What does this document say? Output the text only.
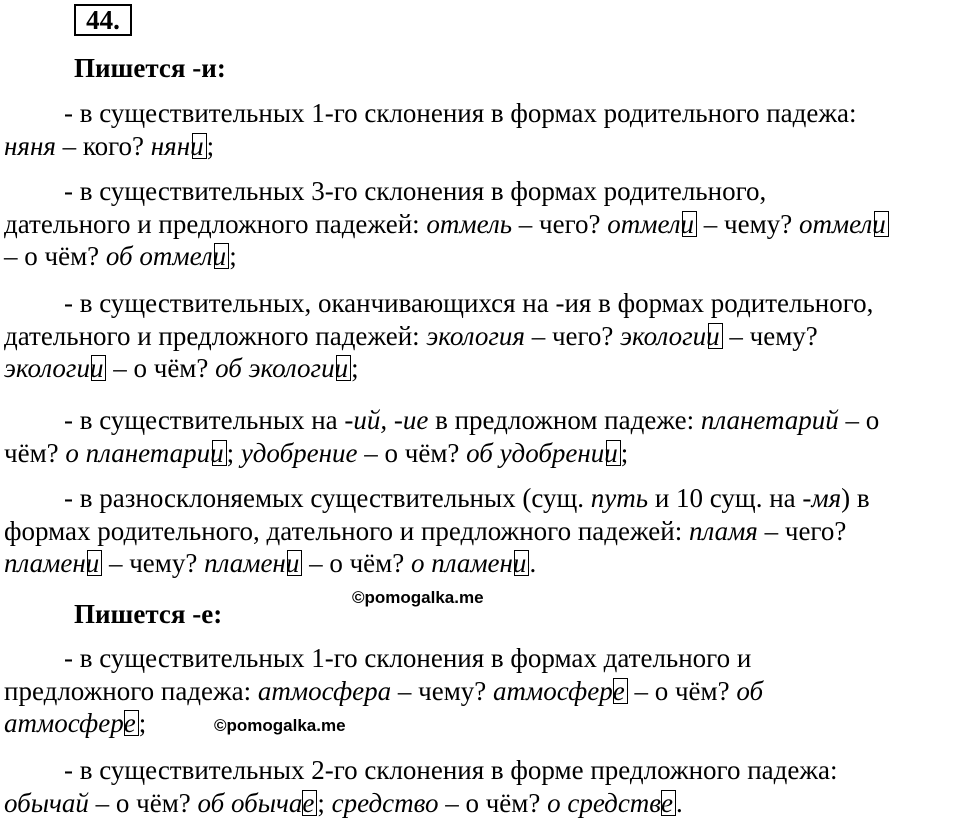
44.
Пишется -и:
- в существительных 1-го склонения в формах родительного падежа:
няня – кого? няни ;
- в существительных 3-го склонения в формах родительного,
дательного и предложного падежей: отмель – чего? отмели – чему? отмели
– о чём? об отмели ;
- в существительных, оканчивающихся на -ия в формах родительного,
дательного и предложного падежей: экология – чего? экологии – чему?
экологии – о чём? об экологии ;
- в существительных на -ий, -ие в предложном падеже: планетарий – о
чём? о планетарии ; удобрение – о чём? об удобрении ;
- в разносклоняемых существительных (сущ. путь и 10 сущ. на -мя) в
формах родительного, дательного и предложного падежей: пламя – чего?
пламени – чему? пламени – о чём? о пламени .
©pomogalka.me
Пишется -е:
- в существительных 1-го склонения в формах дательного и
предложного падежа: атмосфера – чему? атмосфере – о чём? об
атмосфере ;	©pomogalka.me
- в существительных 2-го склонения в форме предложного падежа:
обычай – о чём? об обычае ; средство – о чём? о средстве .
